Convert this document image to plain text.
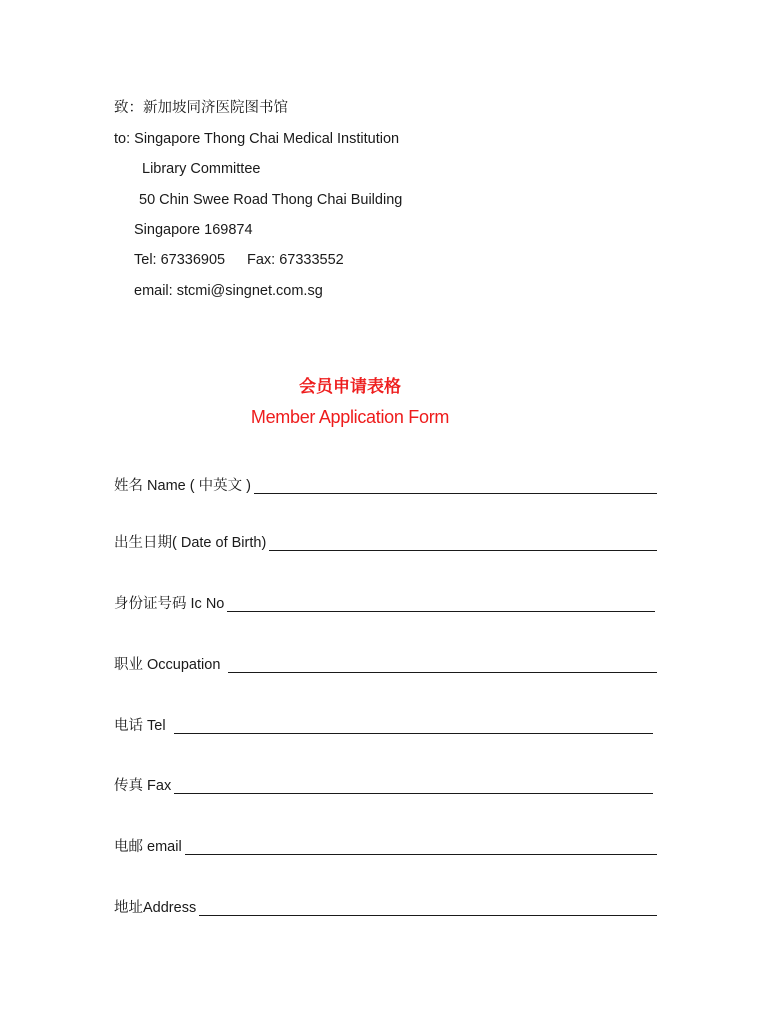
致：新加坡同济医院图书馆
to: Singapore Thong Chai Medical Institution
Library Committee
50 Chin Swee Road Thong Chai Building
Singapore 169874
Tel: 67336905 Fax: 67333552
email: stcmi@singnet.com.sg
会员申请表格
Member Application Form
姓名 Name ( 中英文 )
出生日期( Date of Birth)
身份证号码 Ic No
职业 Occupation
电话 Tel
传真 Fax
电邮 email
地址Address
